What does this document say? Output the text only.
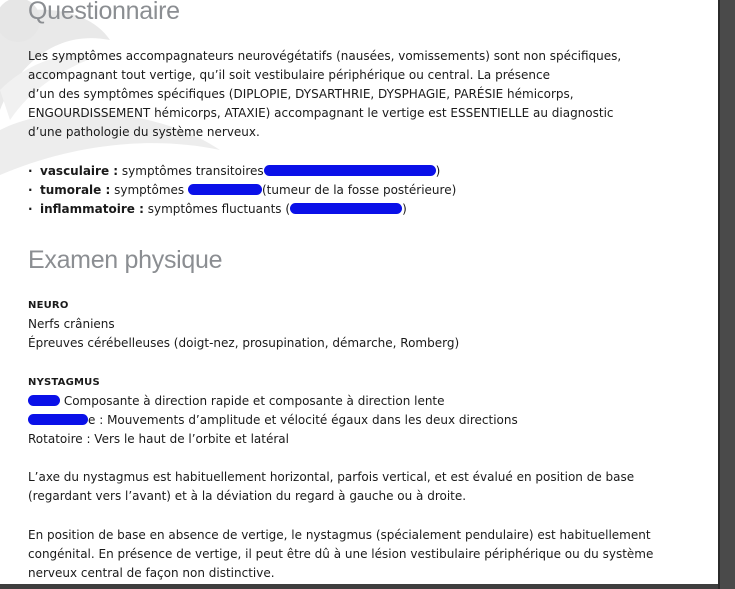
Questionnaire
Les symptômes accompagnateurs neurovégétatifs (nausées, vomissements) sont non spécifiques,
accompagnant tout vertige, qu’il soit vestibulaire périphérique ou central. La présence
d’un des symptômes spécifiques (DIPLOPIE, DYSARTHRIE, DYSPHAGIE, PARÉSIE hémicorps,
ENGOURDISSEMENT hémicorps, ATAXIE) accompagnant le vertige est ESSENTIELLE au diagnostic
d’une pathologie du système nerveux.
· vasculaire : symptômes transitoires	)
· tumorale : symptômes	(tumeur de la fosse postérieure)
· inflammatoire : symptômes fluctuants (	)
Examen physique
NEURO
Nerfs crâniens
Épreuves cérébelleuses (doigt-nez, prosupination, démarche, Romberg)
NYSTAGMUS
Composante à direction rapide et composante à direction lente
e : Mouvements d’amplitude et vélocité égaux dans les deux directions
Rotatoire : Vers le haut de l’orbite et latéral
L’axe du nystagmus est habituellement horizontal, parfois vertical, et est évalué en position de base
(regardant vers l’avant) et à la déviation du regard à gauche ou à droite.
En position de base en absence de vertige, le nystagmus (spécialement pendulaire) est habituellement
congénital. En présence de vertige, il peut être dû à une lésion vestibulaire périphérique ou du système
nerveux central de façon non distinctive.
